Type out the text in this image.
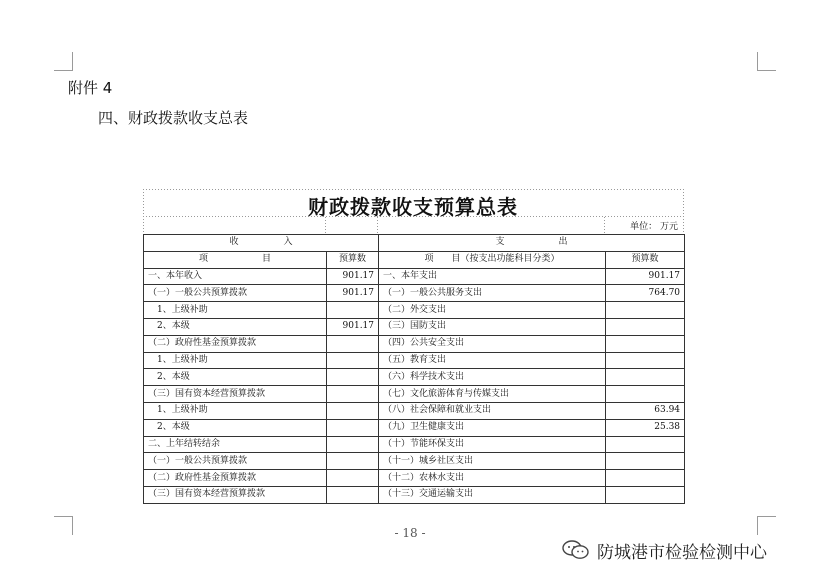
附件 4
四、财政拨款收支总表
财政拨款收支预算总表
单位： 万元
收　　　　　入		支　　　　　　出	
项　　　　　　目	预算数	项　　目（按支出功能科目分类）	预算数
一、本年收入	901.17	一、本年支出	901.17
（一）一般公共预算拨款	901.17	（一）一般公共服务支出	764.70
　1、上级补助		（二）外交支出	
　2、本级	901.17	（三）国防支出	
（二）政府性基金预算拨款		（四）公共安全支出	
　1、上级补助		（五）教育支出	
　2、本级		（六）科学技术支出	
（三）国有资本经营预算拨款		（七）文化旅游体育与传媒支出	
　1、上级补助		（八）社会保障和就业支出	63.94
　2、本级		（九）卫生健康支出	25.38
二、上年结转结余		（十）节能环保支出	
（一）一般公共预算拨款		（十一）城乡社区支出	
（二）政府性基金预算拨款		（十二）农林水支出	
（三）国有资本经营预算拨款		（十三）交通运输支出	
- 18 -
防城港市检验检测中心
